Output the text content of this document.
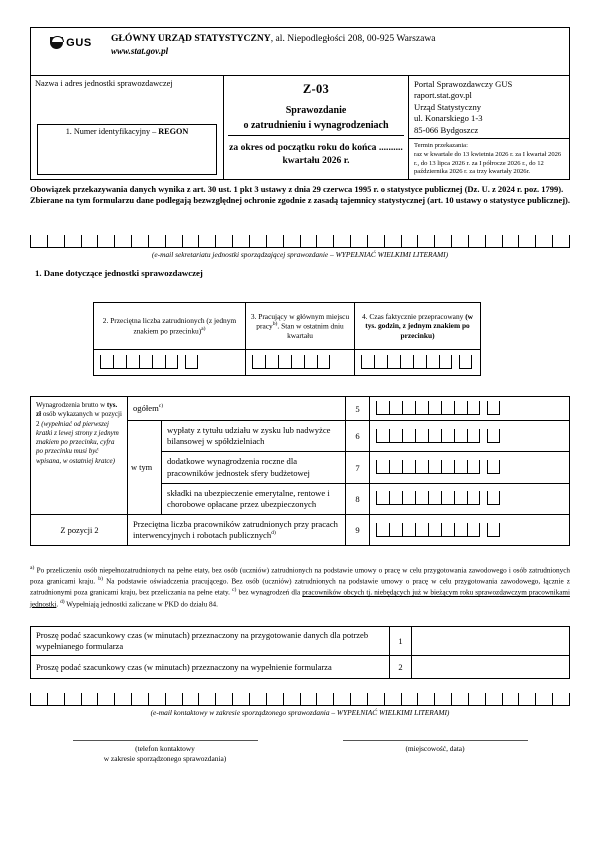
GUS GŁÓWNY URZĄD STATYSTYCZNY, al. Niepodległości 208, 00-925 Warszawa
www.stat.gov.pl
Nazwa i adres jednostki sprawozdawczej
1. Numer identyfikacyjny – REGON
Z-03
Sprawozdanie
o zatrudnieniu i wynagrodzeniach
za okres od początku roku do końca .......... kwartału 2026 r.
Portal Sprawozdawczy GUS
raport.stat.gov.pl
Urząd Statystyczny
ul. Konarskiego 1-3
85-066 Bydgoszcz
Termin przekazania:
raz w kwartale do 13 kwietnia 2026 r. za I kwartał 2026 r., do 13 lipca 2026 r. za I półrocze 2026 r., do 12 października 2026 r. za trzy kwartały 2026r.

Obowiązek przekazywania danych wynika z art. 30 ust. 1 pkt 3 ustawy z dnia 29 czerwca 1995 r. o statystyce publicznej (Dz. U. z 2024 r. poz. 1799).

Zbierane na tym formularzu dane podlegają bezwzględnej ochronie zgodnie z zasadą tajemnicy statystycznej (art. 10 ustawy o statystyce publicznej).

(e-mail sekretariatu jednostki sporządzającej sprawozdanie – WYPEŁNIAĆ WIELKIMI LITERAMI)
1. Dane dotyczące jednostki sprawozdawczej
2. Przeciętna liczba zatrudnionych (z jednym znakiem po przecinku)$^{a)}$
3. Pracujący w głównym miejscu pracy$^{b)}$. Stan w ostatnim dniu kwartału
4. Czas faktycznie przepracowany (w tys. godzin, z jednym znakiem po przecinku)
Wynagrodzenia brutto w tys. zł osób wykazanych w pozycji 2 (wypełniać od pierwszej kratki z lewej strony z jednym znakiem po przecinku, cyfra po przecinku musi być wpisana, w ostatniej kratce)
ogółem$^{c)}$	5
w tym
wypłaty z tytułu udziału w zysku lub nadwyżce bilansowej w spółdzielniach	6
dodatkowe wynagrodzenia roczne dla pracowników jednostek sfery budżetowej	7
składki na ubezpieczenie emerytalne, rentowe i chorobowe opłacane przez ubezpieczonych	8
Z pozycji 2
Przeciętna liczba pracowników zatrudnionych przy pracach interwencyjnych i robotach publicznych$^{d)}$	9
$^{a)}$ Po przeliczeniu osób niepełnozatrudnionych na pełne etaty, bez osób (uczniów) zatrudnionych na podstawie umowy o pracę w celu przygotowania zawodowego i osób zatrudnionych poza granicami kraju. $^{b)}$ Na podstawie oświadczenia pracującego. Bez osób (uczniów) zatrudnionych na podstawie umowy o pracę w celu przygotowania zawodowego, łącznie z zatrudnionymi poza granicami kraju, bez przeliczania na pełne etaty. $^{c)}$ bez wynagrodzeń dla pracowników obcych tj. niebędących już w bieżącym roku sprawozdawczym pracownikami jednostki. $^{d)}$ Wypełniają jednostki zaliczane w PKD do działu 84.
Proszę podać szacunkowy czas (w minutach) przeznaczony na przygotowanie danych dla potrzeb wypełnianego formularza	1
Proszę podać szacunkowy czas (w minutach) przeznaczony na wypełnienie formularza	2
(e-mail kontaktowy w zakresie sporządzonego sprawozdania – WYPEŁNIAĆ WIELKIMI LITERAMI)
(telefon kontaktowy
w zakresie sporządzonego sprawozdania)
(miejscowość, data)
